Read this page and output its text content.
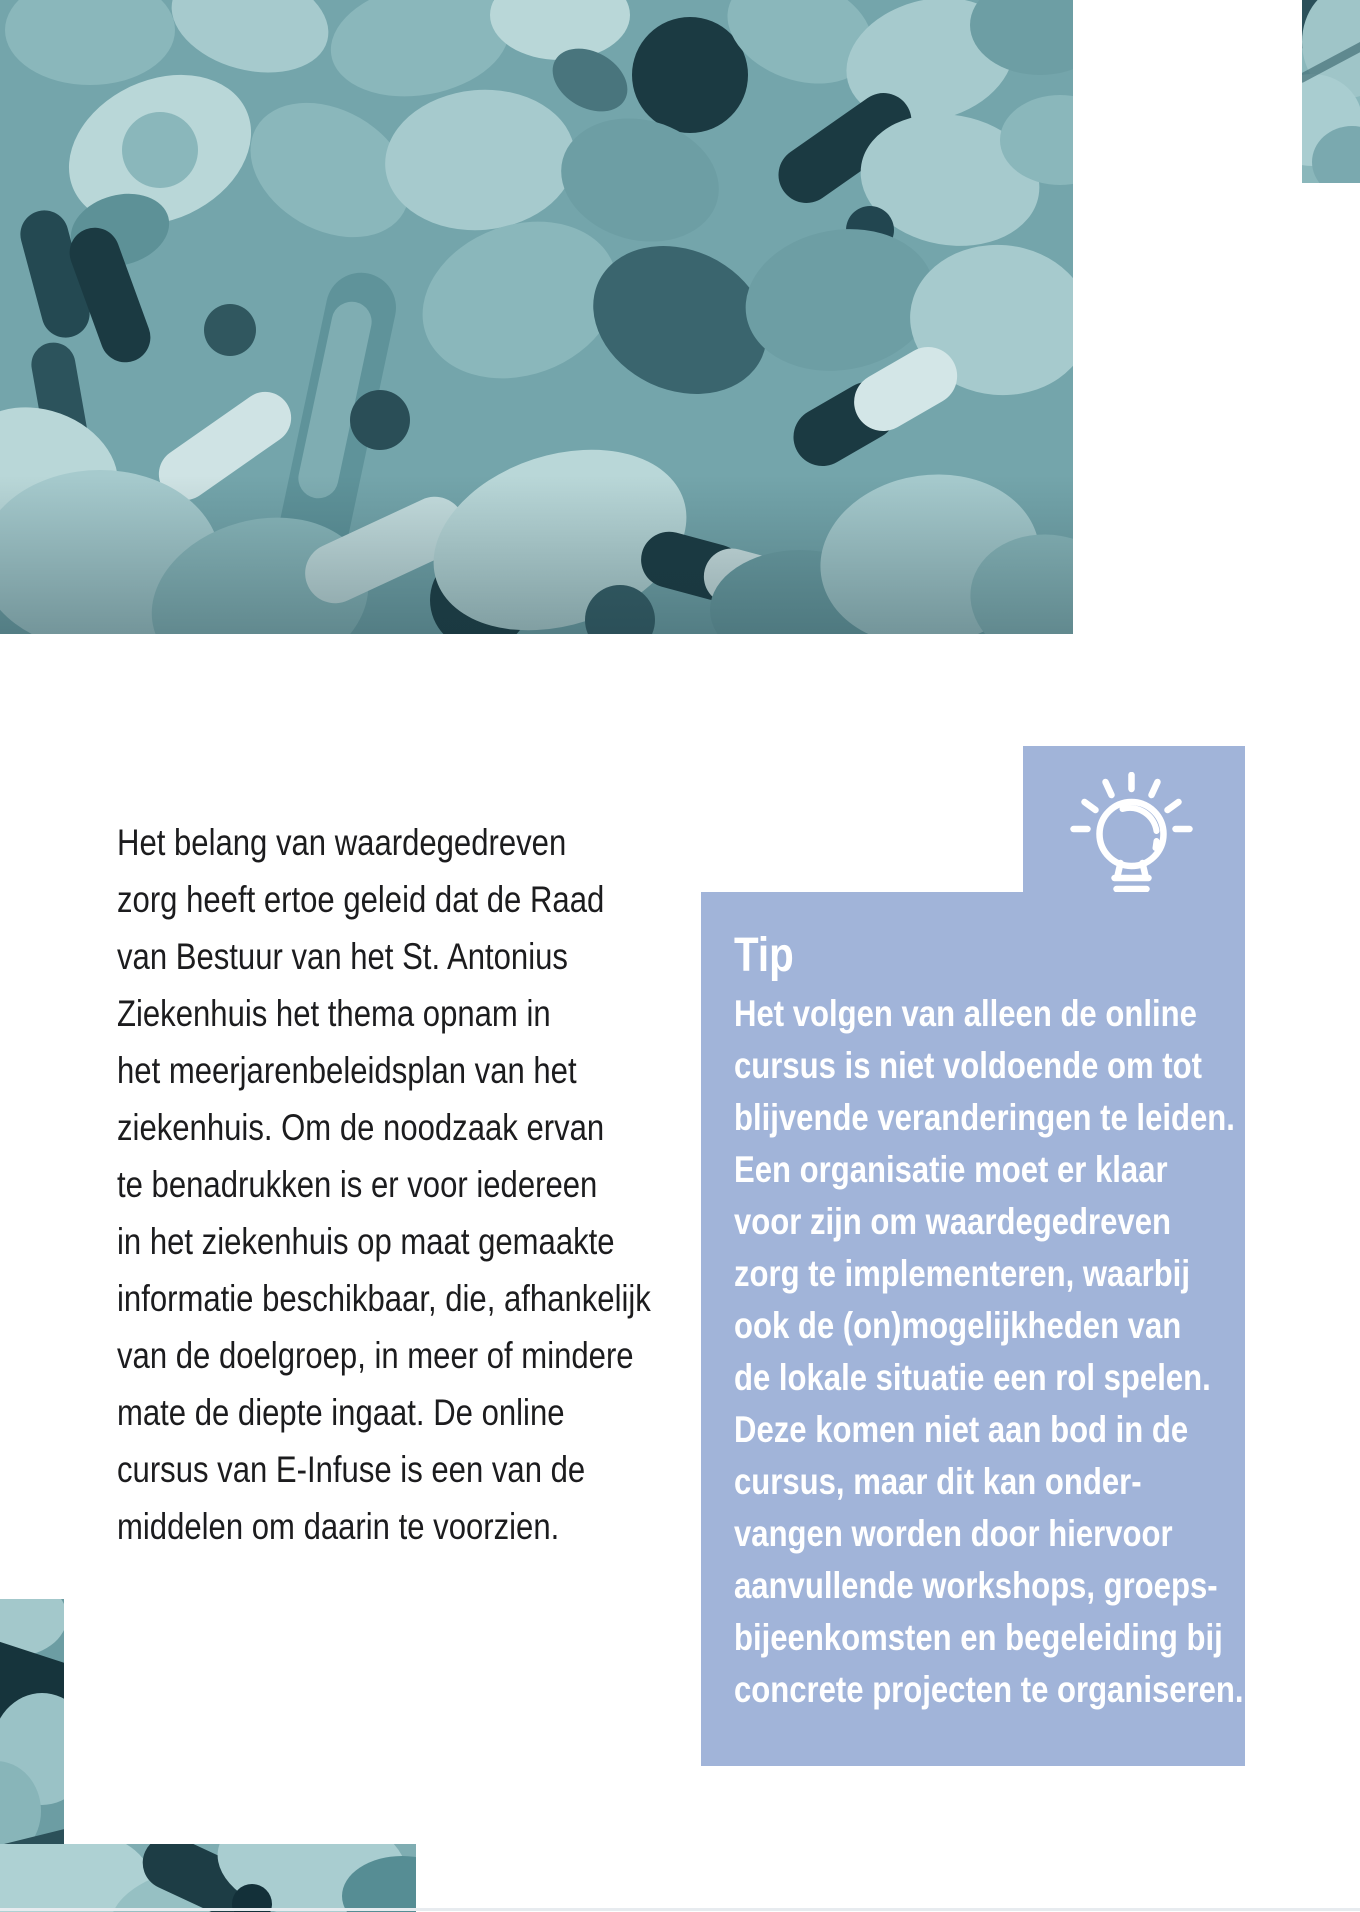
Het belang van waardegedreven
zorg heeft ertoe geleid dat de Raad
van Bestuur van het St. Antonius
Ziekenhuis het thema opnam in
het meerjarenbeleidsplan van het
ziekenhuis. Om de noodzaak ervan
te benadrukken is er voor iedereen
in het ziekenhuis op maat gemaakte
informatie beschikbaar, die, afhankelijk
van de doelgroep, in meer of mindere
mate de diepte ingaat. De online
cursus van E-Infuse is een van de
middelen om daarin te voorzien.

Tip

Het volgen van alleen de online
cursus is niet voldoende om tot
blijvende veranderingen te leiden.
Een organisatie moet er klaar
voor zijn om waardegedreven
zorg te implementeren, waarbij
ook de (on)mogelijkheden van
de lokale situatie een rol spelen.
Deze komen niet aan bod in de
cursus, maar dit kan onder-
vangen worden door hiervoor
aanvullende workshops, groeps-
bijeenkomsten en begeleiding bij
concrete projecten te organiseren.
